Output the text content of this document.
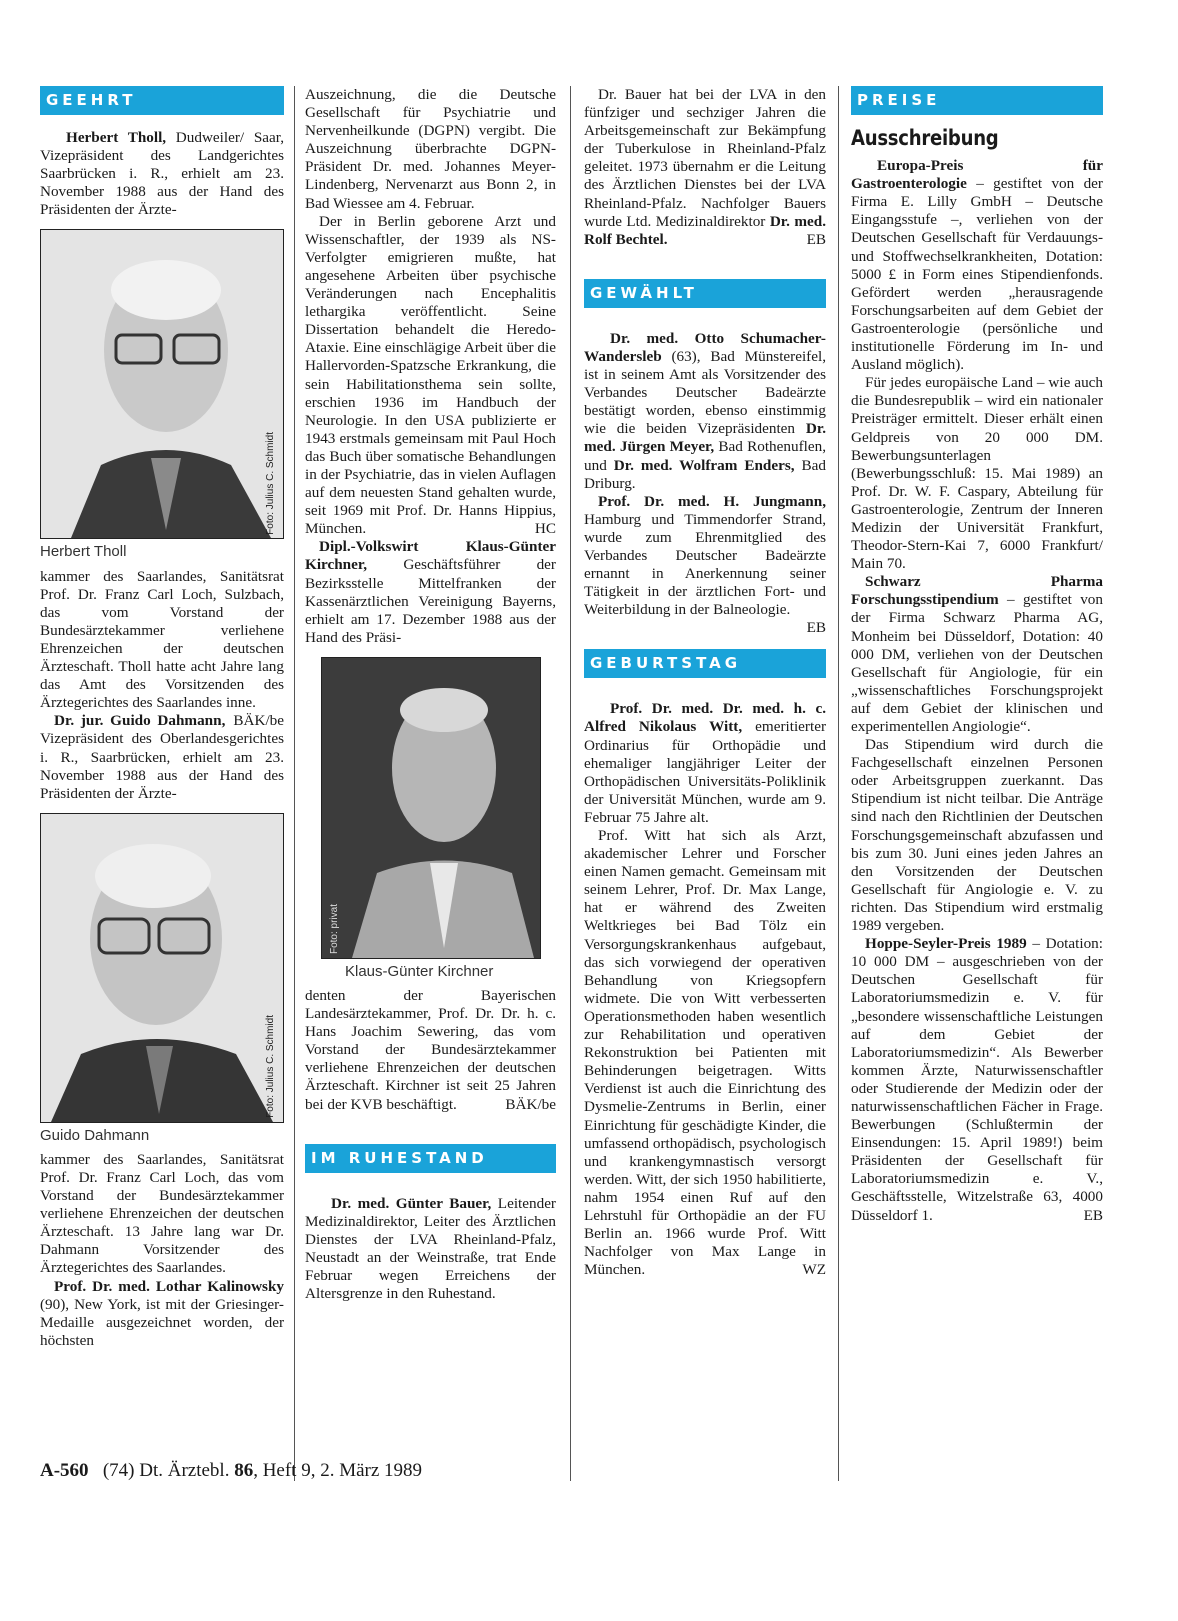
GEEHRT

Herbert Tholl, Dudweiler/ Saar, Vizepräsident des Landgerichtes Saarbrücken i. R., erhielt am 23. November 1988 aus der Hand des Präsidenten der Ärzte-

Foto: Julius C. Schmidt
Herbert Tholl

kammer des Saarlandes, Sanitätsrat Prof. Dr. Franz Carl Loch, Sulzbach, das vom Vorstand der Bundesärztekammer verliehene Ehrenzeichen der deutschen Ärzteschaft. Tholl hatte acht Jahre lang das Amt des Vorsitzenden des Ärztegerichtes des Saarlandes inne.
BÄK/be

Dr. jur. Guido Dahmann, Vizepräsident des Oberlandesgerichtes i. R., Saarbrücken, erhielt am 23. November 1988 aus der Hand des Präsidenten der Ärzte-

Foto: Julius C. Schmidt
Guido Dahmann

kammer des Saarlandes, Sanitätsrat Prof. Dr. Franz Carl Loch, das vom Vorstand der Bundesärztekammer verliehene Ehrenzeichen der deutschen Ärzteschaft. 13 Jahre lang war Dr. Dahmann Vorsitzender des Ärztegerichtes des Saarlandes.

Prof. Dr. med. Lothar Kalinowsky (90), New York, ist mit der Griesinger-Medaille ausgezeichnet worden, der höchsten

Auszeichnung, die die Deutsche Gesellschaft für Psychiatrie und Nervenheilkunde (DGPN) vergibt. Die Auszeichnung überbrachte DGPN-Präsident Dr. med. Johannes Meyer-Lindenberg, Nervenarzt aus Bonn 2, in Bad Wiessee am 4. Februar.

Der in Berlin geborene Arzt und Wissenschaftler, der 1939 als NS-Verfolgter emigrieren mußte, hat angesehene Arbeiten über psychische Veränderungen nach Encephalitis lethargika veröffentlicht. Seine Dissertation behandelt die Heredo-Ataxie. Eine einschlägige Arbeit über die Hallervorden-Spatzsche Erkrankung, die sein Habilitationsthema sein sollte, erschien 1936 im Handbuch der Neurologie. In den USA publizierte er 1943 erstmals gemeinsam mit Paul Hoch das Buch über somatische Behandlungen in der Psychiatrie, das in vielen Auflagen auf dem neuesten Stand gehalten wurde, seit 1969 mit Prof. Dr. Hanns Hippius, München.	HC

Dipl.-Volkswirt Klaus-Günter Kirchner, Geschäftsführer der Bezirksstelle Mittelfranken der Kassenärztlichen Vereinigung Bayerns, erhielt am 17. Dezember 1988 aus der Hand des Präsi-

Foto: privat
Klaus-Günter Kirchner

denten der Bayerischen Landesärztekammer, Prof. Dr. Dr. h. c. Hans Joachim Sewering, das vom Vorstand der Bundesärztekammer verliehene Ehrenzeichen der deutschen Ärzteschaft. Kirchner ist seit 25 Jahren bei der KVB beschäftigt.	BÄK/be

IM RUHESTAND

Dr. med. Günter Bauer, Leitender Medizinaldirektor, Leiter des Ärztlichen Dienstes der LVA Rheinland-Pfalz, Neustadt an der Weinstraße, trat Ende Februar wegen Erreichens der Altersgrenze in den Ruhestand.

Dr. Bauer hat bei der LVA in den fünfziger und sechziger Jahren die Arbeitsgemeinschaft zur Bekämpfung der Tuberkulose in Rheinland-Pfalz geleitet. 1973 übernahm er die Leitung des Ärztlichen Dienstes bei der LVA Rheinland-Pfalz. Nachfolger Bauers wurde Ltd. Medizinaldirektor Dr. med. Rolf Bechtel.	EB

GEWÄHLT

Dr. med. Otto Schumacher-Wandersleb (63), Bad Münstereifel, ist in seinem Amt als Vorsitzender des Verbandes Deutscher Badeärzte bestätigt worden, ebenso einstimmig wie die beiden Vizepräsidenten Dr. med. Jürgen Meyer, Bad Rothenuflen, und Dr. med. Wolfram Enders, Bad Driburg.

Prof. Dr. med. H. Jungmann, Hamburg und Timmendorfer Strand, wurde zum Ehrenmitglied des Verbandes Deutscher Badeärzte ernannt in Anerkennung seiner Tätigkeit in der ärztlichen Fort- und Weiterbildung in der Balneologie.
EB

GEBURTSTAG

Prof. Dr. med. Dr. med. h. c. Alfred Nikolaus Witt, emeritierter Ordinarius für Orthopädie und ehemaliger langjähriger Leiter der Orthopädischen Universitäts-Poliklinik der Universität München, wurde am 9. Februar 75 Jahre alt.

Prof. Witt hat sich als Arzt, akademischer Lehrer und Forscher einen Namen gemacht. Gemeinsam mit seinem Lehrer, Prof. Dr. Max Lange, hat er während des Zweiten Weltkrieges bei Bad Tölz ein Versorgungskrankenhaus aufgebaut, das sich vorwiegend der operativen Behandlung von Kriegsopfern widmete. Die von Witt verbesserten Operationsmethoden haben wesentlich zur Rehabilitation und operativen Rekonstruktion bei Patienten mit Behinderungen beigetragen. Witts Verdienst ist auch die Einrichtung des Dysmelie-Zentrums in Berlin, einer Einrichtung für geschädigte Kinder, die umfassend orthopädisch, psychologisch und krankengymnastisch versorgt werden. Witt, der sich 1950 habilitierte, nahm 1954 einen Ruf auf den Lehrstuhl für Orthopädie an der FU Berlin an. 1966 wurde Prof. Witt Nachfolger von Max Lange in München.	WZ

PREISE
Ausschreibung

Europa-Preis für Gastroenterologie – gestiftet von der Firma E. Lilly GmbH – Deutsche Eingangsstufe –, verliehen von der Deutschen Gesellschaft für Verdauungs- und Stoffwechselkrankheiten, Dotation: 5000 £ in Form eines Stipendienfonds. Gefördert werden „herausragende Forschungsarbeiten auf dem Gebiet der Gastroenterologie (persönliche und institutionelle Förderung im In- und Ausland möglich).

Für jedes europäische Land – wie auch die Bundesrepublik – wird ein nationaler Preisträger ermittelt. Dieser erhält einen Geldpreis von 20 000 DM. Bewerbungsunterlagen (Bewerbungsschluß: 15. Mai 1989) an Prof. Dr. W. F. Caspary, Abteilung für Gastroenterologie, Zentrum der Inneren Medizin der Universität Frankfurt, Theodor-Stern-Kai 7, 6000 Frankfurt/ Main 70.

Schwarz Pharma Forschungsstipendium – gestiftet von der Firma Schwarz Pharma AG, Monheim bei Düsseldorf, Dotation: 40 000 DM, verliehen von der Deutschen Gesellschaft für Angiologie, für ein „wissenschaftliches Forschungsprojekt auf dem Gebiet der klinischen und experimentellen Angiologie“.

Das Stipendium wird durch die Fachgesellschaft einzelnen Personen oder Arbeitsgruppen zuerkannt. Das Stipendium ist nicht teilbar. Die Anträge sind nach den Richtlinien der Deutschen Forschungsgemeinschaft abzufassen und bis zum 30. Juni eines jeden Jahres an den Vorsitzenden der Deutschen Gesellschaft für Angiologie e. V. zu richten. Das Stipendium wird erstmalig 1989 vergeben.

Hoppe-Seyler-Preis 1989 – Dotation: 10 000 DM – ausgeschrieben von der Deutschen Gesellschaft für Laboratoriumsmedizin e. V. für „besondere wissenschaftliche Leistungen auf dem Gebiet der Laboratoriumsmedizin“. Als Bewerber kommen Ärzte, Naturwissenschaftler oder Studierende der Medizin oder der naturwissenschaftlichen Fächer in Frage. Bewerbungen (Schlußtermin der Einsendungen: 15. April 1989!) beim Präsidenten der Gesellschaft für Laboratoriumsmedizin e. V., Geschäftsstelle, Witzelstraße 63, 4000 Düsseldorf 1.	EB

A-560 (74) Dt. Ärztebl. 86, Heft 9, 2. März 1989
